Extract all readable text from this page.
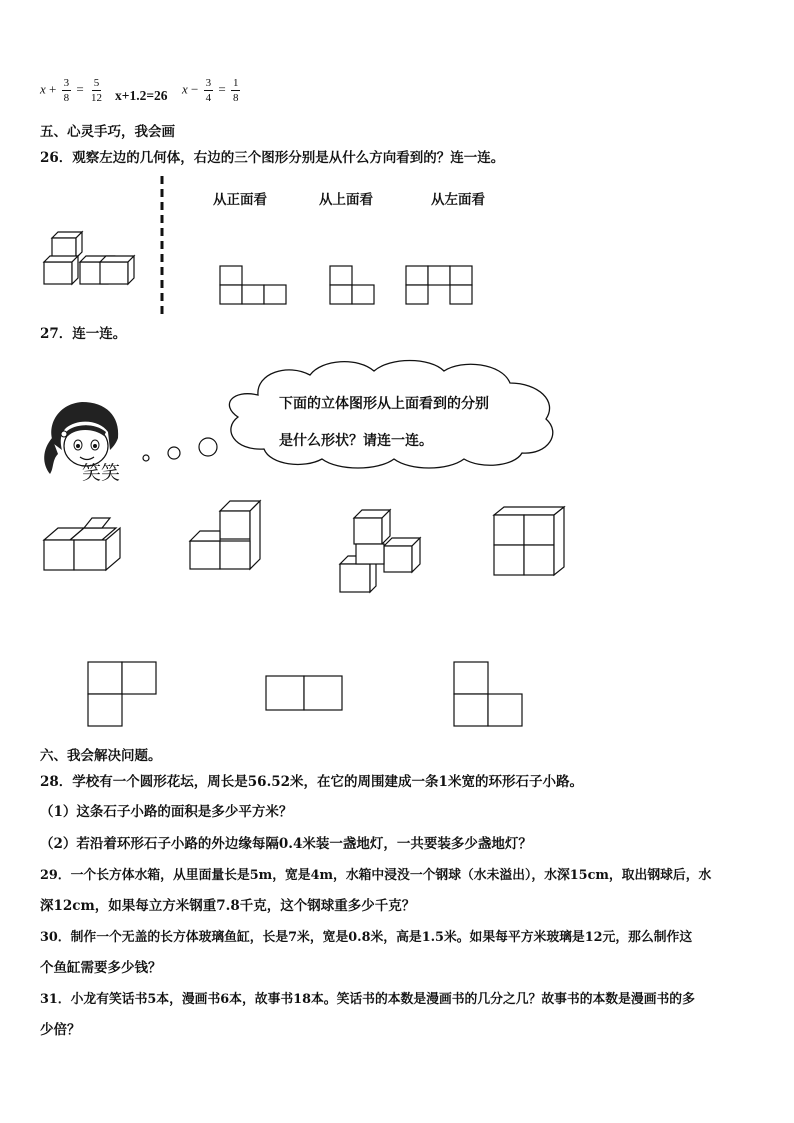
$x + \frac{3}{8} = \frac{5}{12} x+1.2=26$ $x - \frac{3}{4} = \frac{1}{8}$
五、心灵手巧，我会画
26．观察左边的几何体，右边的三个图形分别是从什么方向看到的？连一连。
从正面看	从上面看	从左面看
27．连一连。
笑笑
下面的立体图形从上面看到的分别
是什么形状？请连一连。
六、我会解决问题。
28．学校有一个圆形花坛，周长是56.52米，在它的周围建成一条1米宽的环形石子小路。
（1）这条石子小路的面积是多少平方米？
（2）若沿着环形石子小路的外边缘每隔0.4米装一盏地灯，一共要装多少盏地灯？
29．一个长方体水箱，从里面量长是5m，宽是4m，水箱中浸没一个钢球（水未溢出），水深15cm，取出钢球后，水
深12cm，如果每立方米钢重7.8千克，这个钢球重多少千克？
30．制作一个无盖的长方体玻璃鱼缸，长是7米，宽是0.8米，高是1.5米。如果每平方米玻璃是12元，那么制作这
个鱼缸需要多少钱？
31．小龙有笑话书5本，漫画书6本，故事书18本。笑话书的本数是漫画书的几分之几？故事书的本数是漫画书的多
少倍？
